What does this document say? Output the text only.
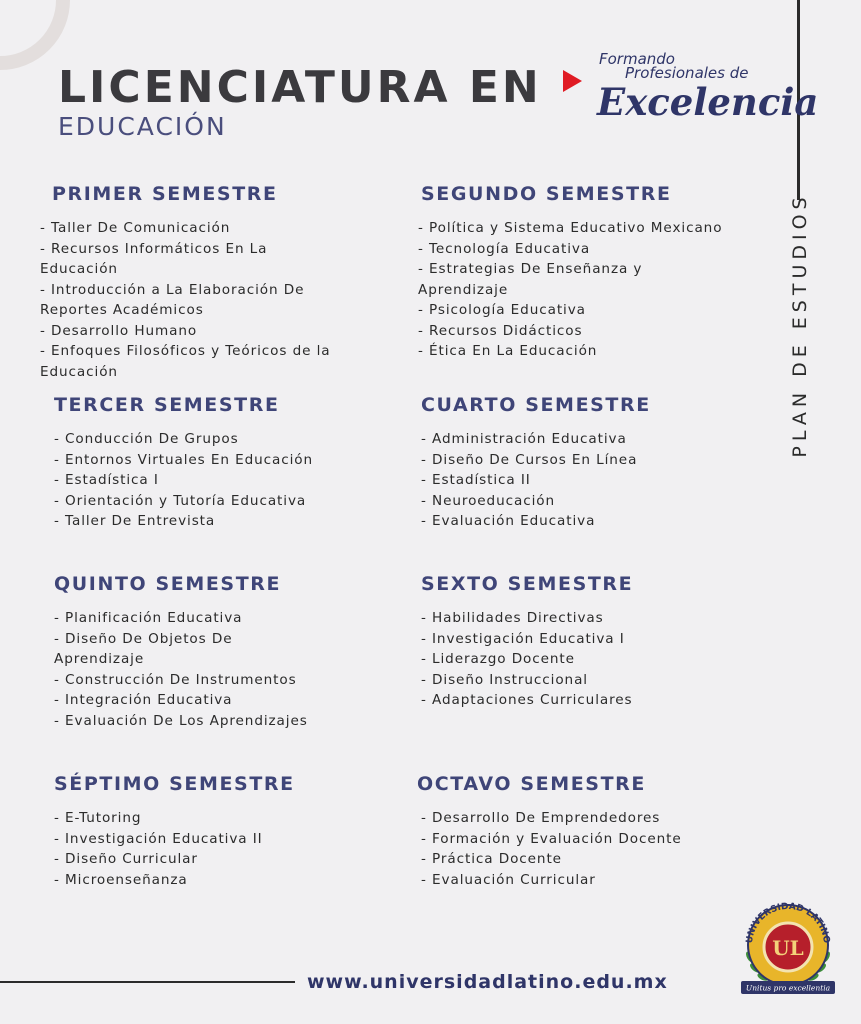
PLAN DE ESTUDIOS
LICENCIATURA EN
EDUCACIÓN
Formando
Profesionales de
Excelencia
PRIMER SEMESTRE
- Taller De Comunicación
- Recursos Informáticos En La Educación
- Introducción a La Elaboración De Reportes Académicos
- Desarrollo Humano
- Enfoques Filosóficos y Teóricos de la Educación
SEGUNDO SEMESTRE
- Política y Sistema Educativo Mexicano
- Tecnología Educativa
- Estrategias De Enseñanza y Aprendizaje
- Psicología Educativa
- Recursos Didácticos
- Ética En La Educación
TERCER SEMESTRE
- Conducción De Grupos
- Entornos Virtuales En Educación
- Estadística I
- Orientación y Tutoría Educativa
- Taller De Entrevista
CUARTO SEMESTRE
- Administración Educativa
- Diseño De Cursos En Línea
- Estadística II
- Neuroeducación
- Evaluación Educativa
QUINTO SEMESTRE
- Planificación Educativa
- Diseño De Objetos De Aprendizaje
- Construcción De Instrumentos
- Integración Educativa
- Evaluación De Los Aprendizajes
SEXTO SEMESTRE
- Habilidades Directivas
- Investigación Educativa I
- Liderazgo Docente
- Diseño Instruccional
- Adaptaciones Curriculares
SÉPTIMO SEMESTRE
- E-Tutoring
- Investigación Educativa II
- Diseño Curricular
- Microenseñanza
OCTAVO SEMESTRE
- Desarrollo De Emprendedores
- Formación y Evaluación Docente
- Práctica Docente
- Evaluación Curricular
www.universidadlatino.edu.mx
UNIVERSIDAD LATINO
UL
Unitus pro excellentia
